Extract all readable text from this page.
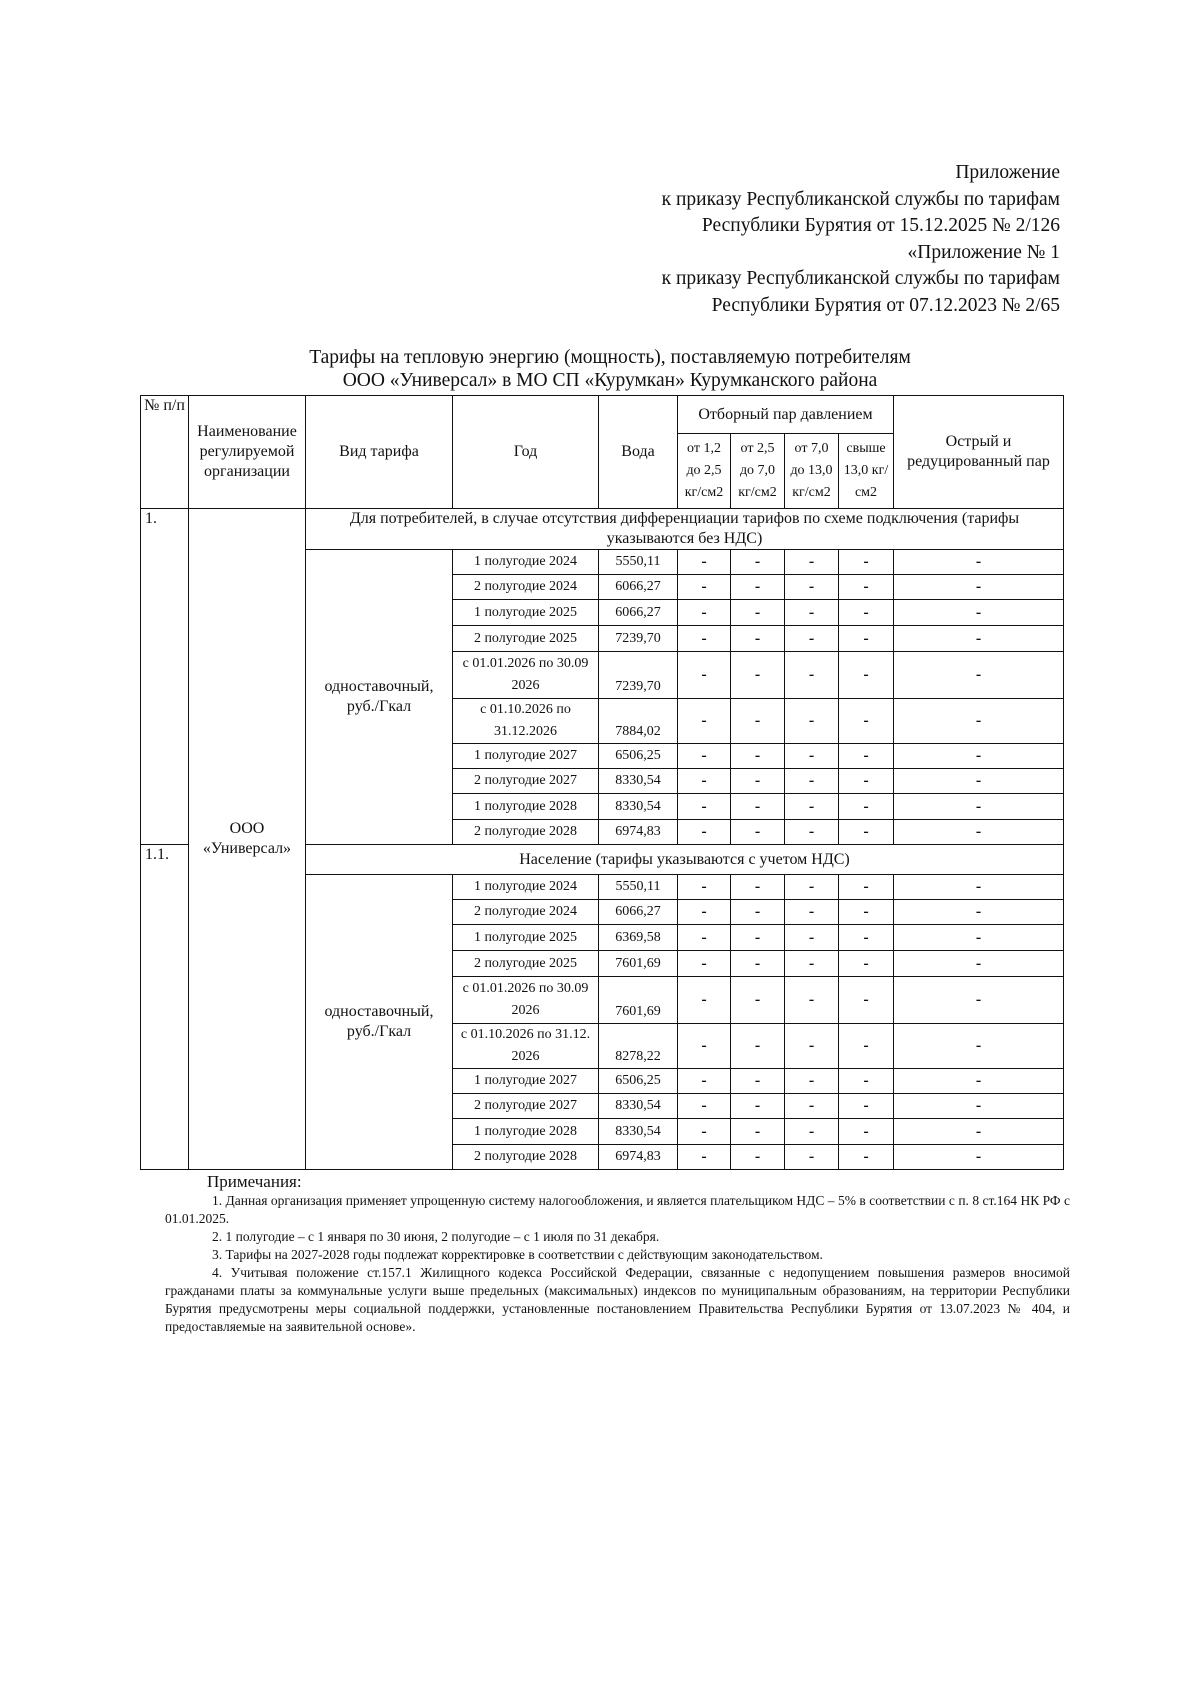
Приложение
к приказу Республиканской службы по тарифам
Республики Бурятия от 15.12.2025 № 2/126
«Приложение № 1
к приказу Республиканской службы по тарифам
Республики Бурятия от 07.12.2023 № 2/65
Тарифы на тепловую энергию (мощность), поставляемую потребителям
ООО «Универсал» в МО СП «Курумкан» Курумканского района
№ п/п	Наименование регулируемой организации	Вид тарифа	Год	Вода	Отборный пар давлением				Острый и редуцированный пар
					от 1,2 до 2,5 кг/см2	от 2,5 до 7,0 кг/см2	от 7,0 до 13,0 кг/см2	свыше 13,0 кг/см2	
1.	ООО «Универсал»	Для потребителей, в случае отсутствия дифференциации тарифов по схеме подключения (тарифы указываются без НДС)							
		одноставочный, руб./Гкал	1 полугодие 2024	5550,11	-	-	-	-	-
			2 полугодие 2024	6066,27	-	-	-	-	-
			1 полугодие 2025	6066,27	-	-	-	-	-
			2 полугодие 2025	7239,70	-	-	-	-	-
			с 01.01.2026 по 30.09 2026	7239,70	-	-	-	-	-
			с 01.10.2026 по 31.12.2026	7884,02	-	-	-	-	-
			1 полугодие 2027	6506,25	-	-	-	-	-
			2 полугодие 2027	8330,54	-	-	-	-	-
			1 полугодие 2028	8330,54	-	-	-	-	-
			2 полугодие 2028	6974,83	-	-	-	-	-
1.1.		Население (тарифы указываются с учетом НДС)							
		одноставочный, руб./Гкал	1 полугодие 2024	5550,11	-	-	-	-	-
			2 полугодие 2024	6066,27	-	-	-	-	-
			1 полугодие 2025	6369,58	-	-	-	-	-
			2 полугодие 2025	7601,69	-	-	-	-	-
			с 01.01.2026 по 30.09 2026	7601,69	-	-	-	-	-
			с 01.10.2026 по 31.12. 2026	8278,22	-	-	-	-	-
			1 полугодие 2027	6506,25	-	-	-	-	-
			2 полугодие 2027	8330,54	-	-	-	-	-
			1 полугодие 2028	8330,54	-	-	-	-	-
			2 полугодие 2028	6974,83	-	-	-	-	-
Примечания:

1. Данная организация применяет упрощенную систему налогообложения, и является плательщиком НДС – 5% в соответствии с п. 8 ст.164 НК РФ с 01.01.2025.

2. 1 полугодие – с 1 января по 30 июня, 2 полугодие – с 1 июля по 31 декабря.

3. Тарифы на 2027-2028 годы подлежат корректировке в соответствии с действующим законодательством.

4. Учитывая положение ст.157.1 Жилищного кодекса Российской Федерации, связанные с недопущением повышения размеров вносимой гражданами платы за коммунальные услуги выше предельных (максимальных) индексов по муниципальным образованиям, на территории Республики Бурятия предусмотрены меры социальной поддержки, установленные постановлением Правительства Республики Бурятия от 13.07.2023 № 404, и предоставляемые на заявительной основе».
